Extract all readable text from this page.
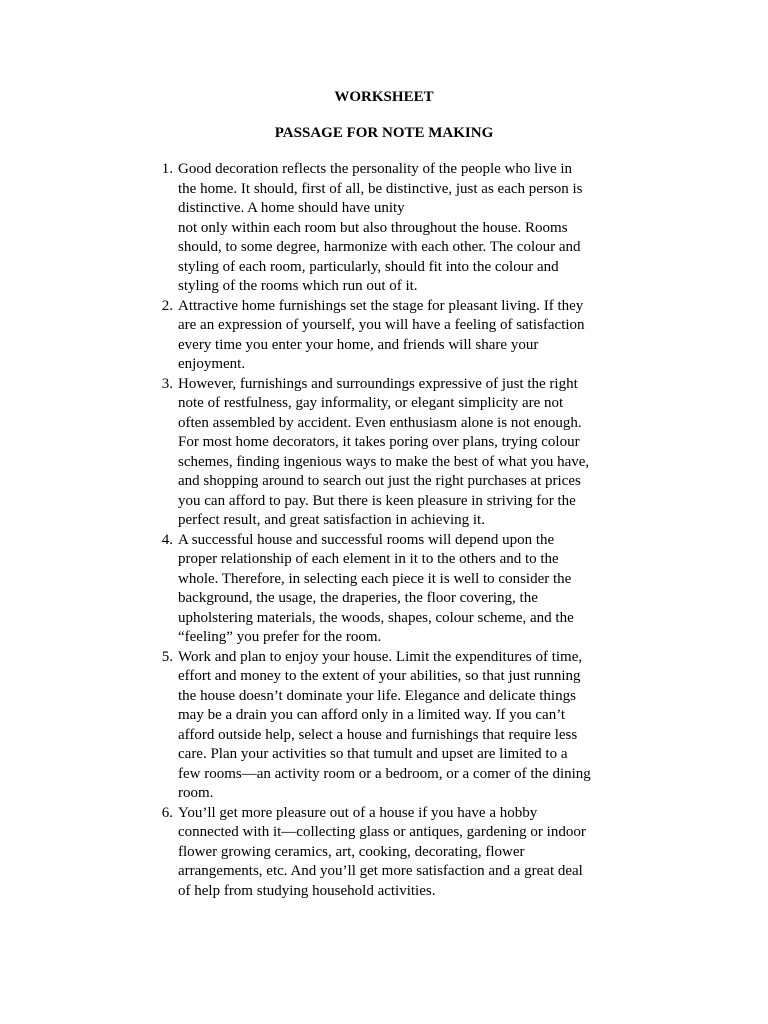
WORKSHEET
PASSAGE FOR NOTE MAKING
1. Good decoration reflects the personality of the people who live in
the home. It should, first of all, be distinctive, just as each person is
distinctive. A home should have unity
not only within each room but also throughout the house. Rooms
should, to some degree, harmonize with each other. The colour and
styling of each room, particularly, should fit into the colour and
styling of the rooms which run out of it.
2. Attractive home furnishings set the stage for pleasant living. If they
are an expression of yourself, you will have a feeling of satisfaction
every time you enter your home, and friends will share your
enjoyment.
3. However, furnishings and surroundings expressive of just the right
note of restfulness, gay informality, or elegant simplicity are not
often assembled by accident. Even enthusiasm alone is not enough.
For most home decorators, it takes poring over plans, trying colour
schemes, finding ingenious ways to make the best of what you have,
and shopping around to search out just the right purchases at prices
you can afford to pay. But there is keen pleasure in striving for the
perfect result, and great satisfaction in achieving it.
4. A successful house and successful rooms will depend upon the
proper relationship of each element in it to the others and to the
whole. Therefore, in selecting each piece it is well to consider the
background, the usage, the draperies, the floor covering, the
upholstering materials, the woods, shapes, colour scheme, and the
“feeling” you prefer for the room.
5. Work and plan to enjoy your house. Limit the expenditures of time,
effort and money to the extent of your abilities, so that just running
the house doesn’t dominate your life. Elegance and delicate things
may be a drain you can afford only in a limited way. If you can’t
afford outside help, select a house and furnishings that require less
care. Plan your activities so that tumult and upset are limited to a
few rooms—an activity room or a bedroom, or a comer of the dining
room.
6. You’ll get more pleasure out of a house if you have a hobby
connected with it—collecting glass or antiques, gardening or indoor
flower growing ceramics, art, cooking, decorating, flower
arrangements, etc. And you’ll get more satisfaction and a great deal
of help from studying household activities.
